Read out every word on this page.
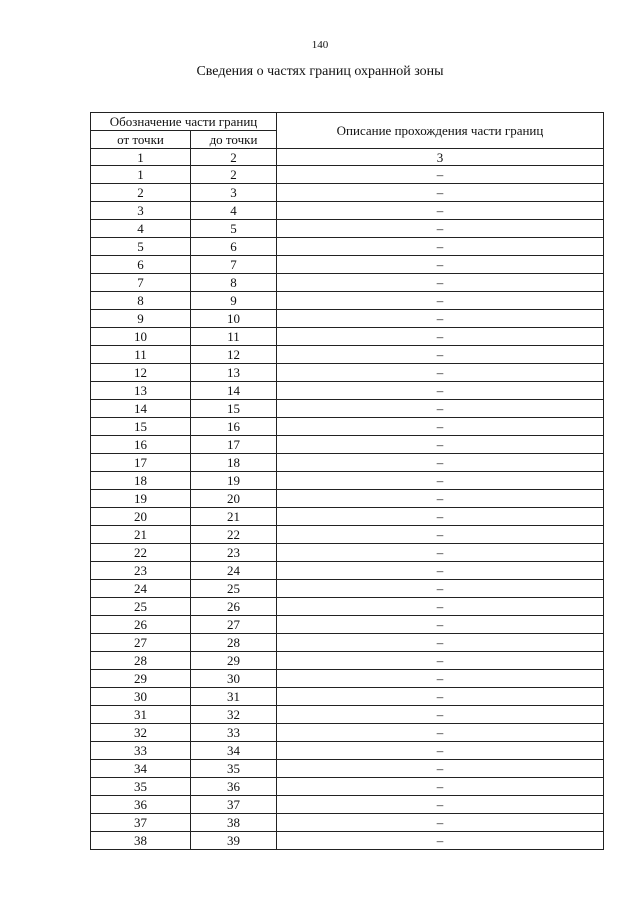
140
Сведения о частях границ охранной зоны
Обозначение части границ		Описание прохождения части границ
от точки	до точки	
1	2	3
1	2	–
2	3	–
3	4	–
4	5	–
5	6	–
6	7	–
7	8	–
8	9	–
9	10	–
10	11	–
11	12	–
12	13	–
13	14	–
14	15	–
15	16	–
16	17	–
17	18	–
18	19	–
19	20	–
20	21	–
21	22	–
22	23	–
23	24	–
24	25	–
25	26	–
26	27	–
27	28	–
28	29	–
29	30	–
30	31	–
31	32	–
32	33	–
33	34	–
34	35	–
35	36	–
36	37	–
37	38	–
38	39	–
